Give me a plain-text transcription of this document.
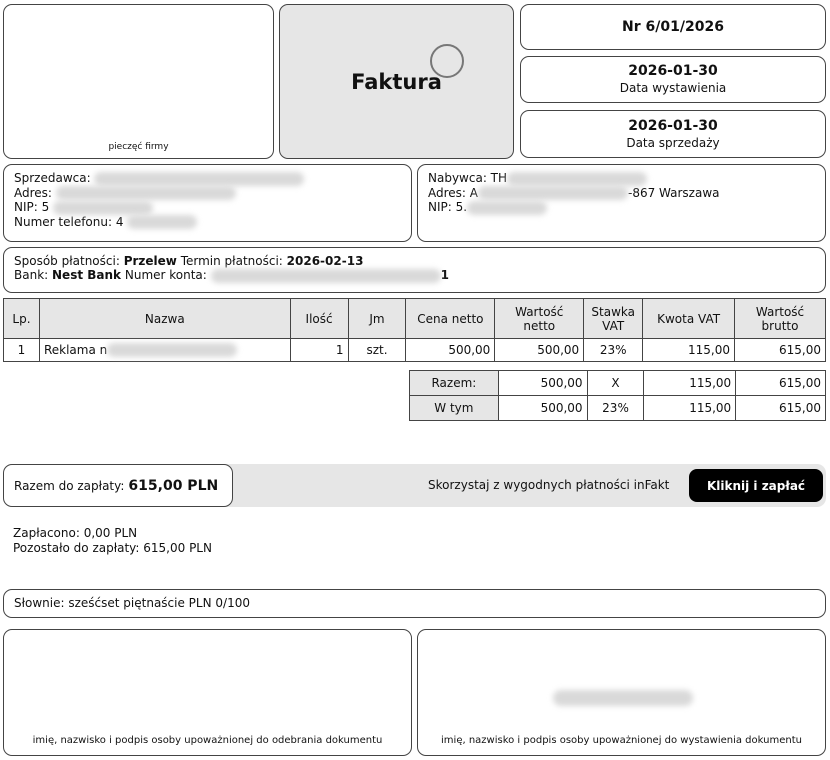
pieczęć firmy
Faktura
Nr 6/01/2026
2026-01-30
Data wystawienia
2026-01-30
Data sprzedaży
Sprzedawca:
Adres:
NIP: 5
Numer telefonu: 4
Nabywca: TH
Adres: A	-867 Warszawa
NIP: 5.
Sposób płatności: Przelew Termin płatności: 2026-02-13
Bank: Nest Bank Numer konta:	1
Lp.	Nazwa	Ilość	Jm	Cena netto	Wartość netto	Stawka VAT	Kwota VAT	Wartość brutto
1	Reklama n	1	szt.	500,00	500,00	23%	115,00	615,00
Razem:	500,00	X	115,00	615,00
W tym	500,00	23%	115,00	615,00
Razem do zapłaty: 615,00 PLN	Skorzystaj z wygodnych płatności inFakt	Kliknij i zapłać
Zapłacono: 0,00 PLN
Pozostało do zapłaty: 615,00 PLN
Słownie: sześćset piętnaście PLN 0/100
imię, nazwisko i podpis osoby upoważnionej do odebrania dokumentu	imię, nazwisko i podpis osoby upoważnionej do wystawienia dokumentu
